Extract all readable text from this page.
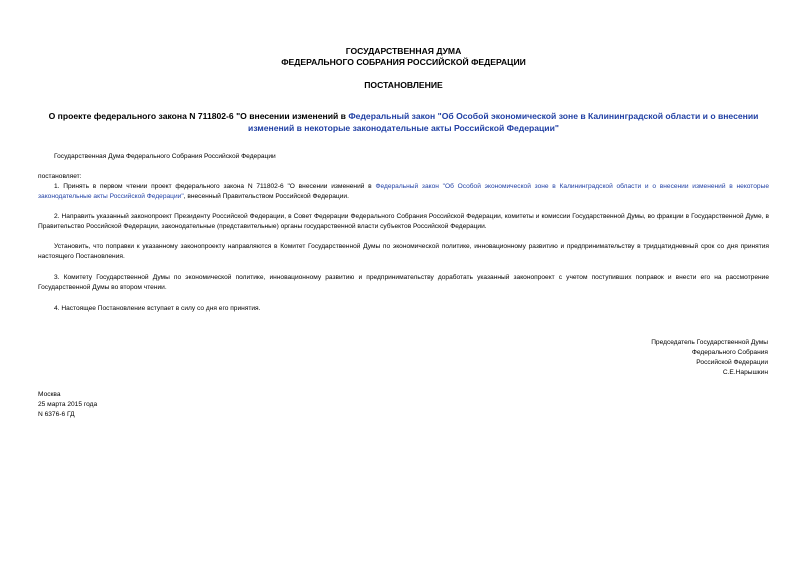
ГОСУДАРСТВЕННАЯ ДУМА
ФЕДЕРАЛЬНОГО СОБРАНИЯ РОССИЙСКОЙ ФЕДЕРАЦИИ
ПОСТАНОВЛЕНИЕ
О проекте федерального закона N 711802-6 "О внесении изменений в Федеральный закон "Об Особой экономической зоне в Калининградской области и о внесении изменений в некоторые законодательные акты Российской Федерации"
Государственная Дума Федерального Собрания Российской Федерации
постановляет:
1. Принять в первом чтении проект федерального закона N 711802-6 "О внесении изменений в Федеральный закон "Об Особой экономической зоне в Калининградской области и о внесении изменений в некоторые законодательные акты Российской Федерации", внесенный Правительством Российской Федерации.
2. Направить указанный законопроект Президенту Российской Федерации, в Совет Федерации Федерального Собрания Российской Федерации, комитеты и комиссии Государственной Думы, во фракции в Государственной Думе, в Правительство Российской Федерации, законодательные (представительные) органы государственной власти субъектов Российской Федерации.
Установить, что поправки к указанному законопроекту направляются в Комитет Государственной Думы по экономической политике, инновационному развитию и предпринимательству в тридцатидневный срок со дня принятия настоящего Постановления.
3. Комитету Государственной Думы по экономической политике, инновационному развитию и предпринимательству доработать указанный законопроект с учетом поступивших поправок и внести его на рассмотрение Государственной Думы во втором чтении.
4. Настоящее Постановление вступает в силу со дня его принятия.
Председатель Государственной Думы
Федерального Собрания
Российской Федерации
С.Е.Нарышкин
Москва
25 марта 2015 года
N 6376-6 ГД
